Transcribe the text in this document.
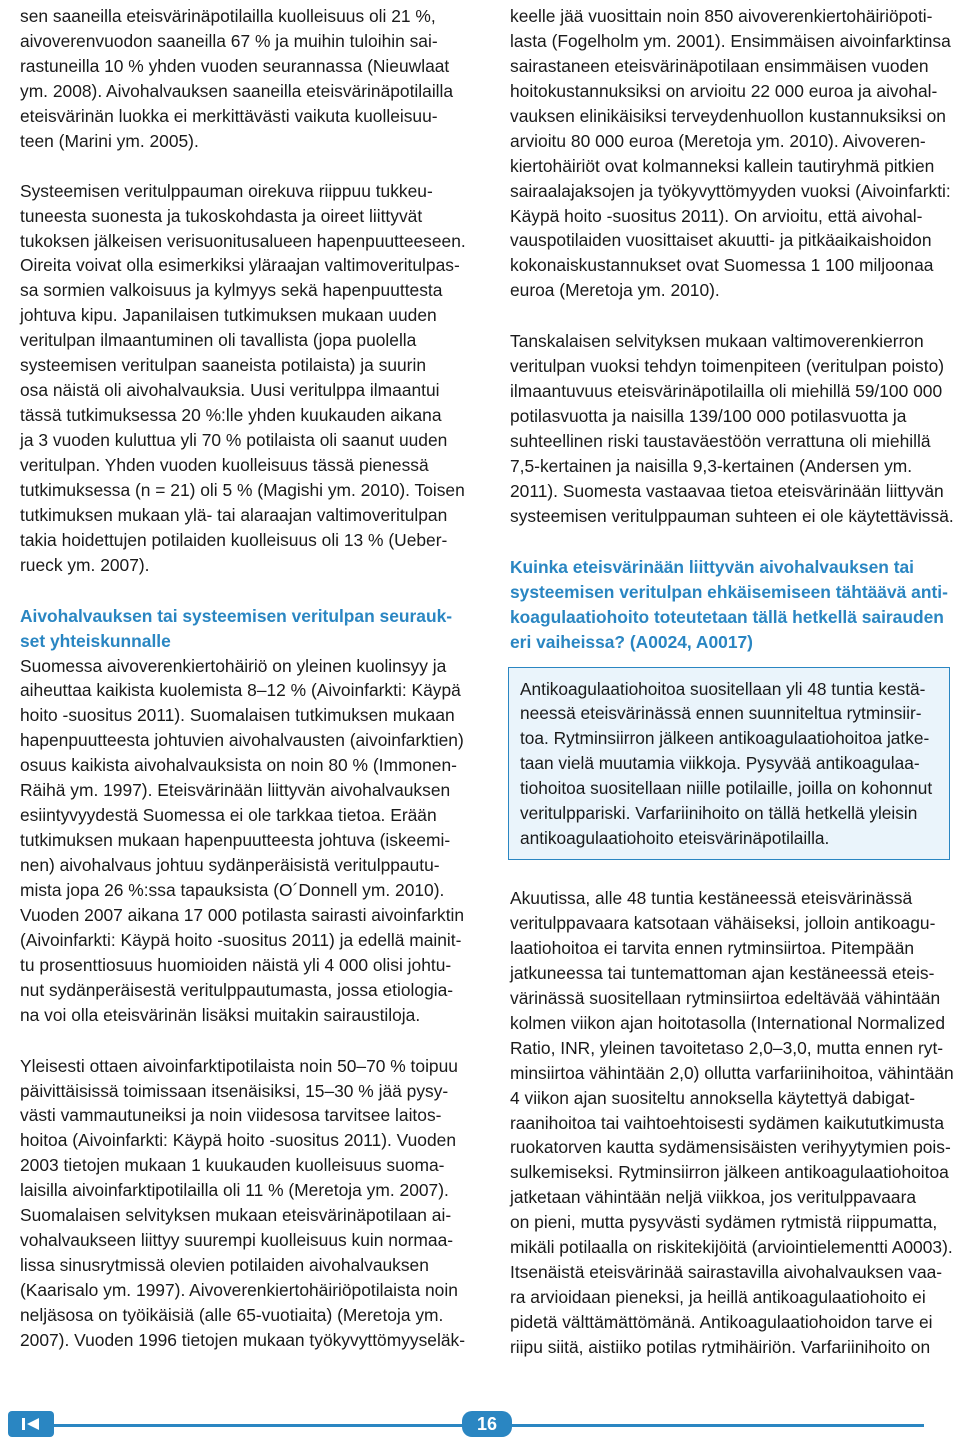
sen saaneilla eteisvärinäpotilailla kuolleisuus oli 21 %,
aivoverenvuodon saaneilla 67 % ja muihin tuloihin sai-
rastuneilla 10 % yhden vuoden seurannassa (Nieuwlaat
ym. 2008). Aivohalvauksen saaneilla eteisvärinäpotilailla
eteisvärinän luokka ei merkittävästi vaikuta kuolleisuu-
teen (Marini ym. 2005).
Systeemisen veritulppauman oirekuva riippuu tukkeu-
tuneesta suonesta ja tukoskohdasta ja oireet liittyvät
tukoksen jälkeisen verisuonitusalueen hapenpuutteeseen.
Oireita voivat olla esimerkiksi yläraajan valtimoveritulpas-
sa sormien valkoisuus ja kylmyys sekä hapenpuuttesta
johtuva kipu. Japanilaisen tutkimuksen mukaan uuden
veritulpan ilmaantuminen oli tavallista (jopa puolella
systeemisen veritulpan saaneista potilaista) ja suurin
osa näistä oli aivohalvauksia. Uusi veritulppa ilmaantui
tässä tutkimuksessa 20 %:lle yhden kuukauden aikana
ja 3 vuoden kuluttua yli 70 % potilaista oli saanut uuden
veritulpan. Yhden vuoden kuolleisuus tässä pienessä
tutkimuksessa (n = 21) oli 5 % (Magishi ym. 2010). Toisen
tutkimuksen mukaan ylä- tai alaraajan valtimoveritulpan
takia hoidettujen potilaiden kuolleisuus oli 13 % (Ueber-
rueck ym. 2007).
Aivohalvauksen tai systeemisen veritulpan seurauk-
set yhteiskunnalle
Suomessa aivoverenkiertohäiriö on yleinen kuolinsyy ja
aiheuttaa kaikista kuolemista 8–12 % (Aivoinfarkti: Käypä
hoito -suositus 2011). Suomalaisen tutkimuksen mukaan
hapenpuutteesta johtuvien aivohalvausten (aivoinfarktien)
osuus kaikista aivohalvauksista on noin 80 % (Immonen-
Räihä ym. 1997). Eteisvärinään liittyvän aivohalvauksen
esiintyvyydestä Suomessa ei ole tarkkaa tietoa. Erään
tutkimuksen mukaan hapenpuutteesta johtuva (iskeemi-
nen) aivohalvaus johtuu sydänperäisistä veritulppautu-
mista jopa 26 %:ssa tapauksista (O´Donnell ym. 2010).
Vuoden 2007 aikana 17 000 potilasta sairasti aivoinfarktin
(Aivoinfarkti: Käypä hoito -suositus 2011) ja edellä mainit-
tu prosenttiosuus huomioiden näistä yli 4 000 olisi johtu-
nut sydänperäisestä veritulppautumasta, jossa etiologia-
na voi olla eteisvärinän lisäksi muitakin sairaustiloja.
Yleisesti ottaen aivoinfarktipotilaista noin 50–70 % toipuu
päivittäisissä toimissaan itsenäisiksi, 15–30 % jää pysy-
västi vammautuneiksi ja noin viidesosa tarvitsee laitos-
hoitoa (Aivoinfarkti: Käypä hoito -suositus 2011). Vuoden
2003 tietojen mukaan 1 kuukauden kuolleisuus suoma-
laisilla aivoinfarktipotilailla oli 11 % (Meretoja ym. 2007).
Suomalaisen selvityksen mukaan eteisvärinäpotilaan ai-
vohalvaukseen liittyy suurempi kuolleisuus kuin normaa-
lissa sinusrytmissä olevien potilaiden aivohalvauksen
(Kaarisalo ym. 1997). Aivoverenkiertohäiriöpotilaista noin
neljäsosa on työikäisiä (alle 65-vuotiaita) (Meretoja ym.
2007). Vuoden 1996 tietojen mukaan työkyvyttömyyseläk-
keelle jää vuosittain noin 850 aivoverenkiertohäiriöpoti-
lasta (Fogelholm ym. 2001). Ensimmäisen aivoinfarktinsa
sairastaneen eteisvärinäpotilaan ensimmäisen vuoden
hoitokustannuksiksi on arvioitu 22 000 euroa ja aivohal-
vauksen elinikäisiksi terveydenhuollon kustannuksiksi on
arvioitu 80 000 euroa (Meretoja ym. 2010). Aivoveren-
kiertohäiriöt ovat kolmanneksi kallein tautiryhmä pitkien
sairaalajaksojen ja työkyvyttömyyden vuoksi (Aivoinfarkti:
Käypä hoito -suositus 2011). On arvioitu, että aivohal-
vauspotilaiden vuosittaiset akuutti- ja pitkäaikaishoidon
kokonaiskustannukset ovat Suomessa 1 100 miljoonaa
euroa (Meretoja ym. 2010).
Tanskalaisen selvityksen mukaan valtimoverenkierron
veritulpan vuoksi tehdyn toimenpiteen (veritulpan poisto)
ilmaantuvuus eteisvärinäpotilailla oli miehillä 59/100 000
potilasvuotta ja naisilla 139/100 000 potilasvuotta ja
suhteellinen riski taustaväestöön verrattuna oli miehillä
7,5-kertainen ja naisilla 9,3-kertainen (Andersen ym.
2011). Suomesta vastaavaa tietoa eteisvärinään liittyvän
systeemisen veritulppauman suhteen ei ole käytettävissä.
Kuinka eteisvärinään liittyvän aivohalvauksen tai
systeemisen veritulpan ehkäisemiseen tähtäävä anti-
koagulaatiohoito toteutetaan tällä hetkellä sairauden
eri vaiheissa? (A0024, A0017)
Antikoagulaatiohoitoa suositellaan yli 48 tuntia kestä-
neessä eteisvärinässä ennen suunniteltua rytminsiir-
toa. Rytminsiirron jälkeen antikoagulaatiohoitoa jatke-
taan vielä muutamia viikkoja. Pysyvää antikoagulaa-
tiohoitoa suositellaan niille potilaille, joilla on kohonnut
veritulppariski. Varfariinihoito on tällä hetkellä yleisin
antikoagulaatiohoito eteisvärinäpotilailla.
Akuutissa, alle 48 tuntia kestäneessä eteisvärinässä
veritulppavaara katsotaan vähäiseksi, jolloin antikoagu-
laatiohoitoa ei tarvita ennen rytminsiirtoa. Pitempään
jatkuneessa tai tuntemattoman ajan kestäneessä eteis-
värinässä suositellaan rytminsiirtoa edeltävää vähintään
kolmen viikon ajan hoitotasolla (International Normalized
Ratio, INR, yleinen tavoitetaso 2,0–3,0, mutta ennen ryt-
minsiirtoa vähintään 2,0) ollutta varfariinihoitoa, vähintään
4 viikon ajan suositeltu annoksella käytettyä dabigat-
raanihoitoa tai vaihtoehtoisesti sydämen kaikututkimusta
ruokatorven kautta sydämensisäisten verihyytymien pois-
sulkemiseksi. Rytminsiirron jälkeen antikoagulaatiohoitoa
jatketaan vähintään neljä viikkoa, jos veritulppavaara
on pieni, mutta pysyvästi sydämen rytmistä riippumatta,
mikäli potilaalla on riskitekijöitä (arviointielementti A0003).
Itsenäistä eteisvärinää sairastavilla aivohalvauksen vaa-
ra arvioidaan pieneksi, ja heillä antikoagulaatiohoito ei
pidetä välttämättömänä. Antikoagulaatiohoidon tarve ei
riipu siitä, aistiiko potilas rytmihäiriön. Varfariinihoito on
16
